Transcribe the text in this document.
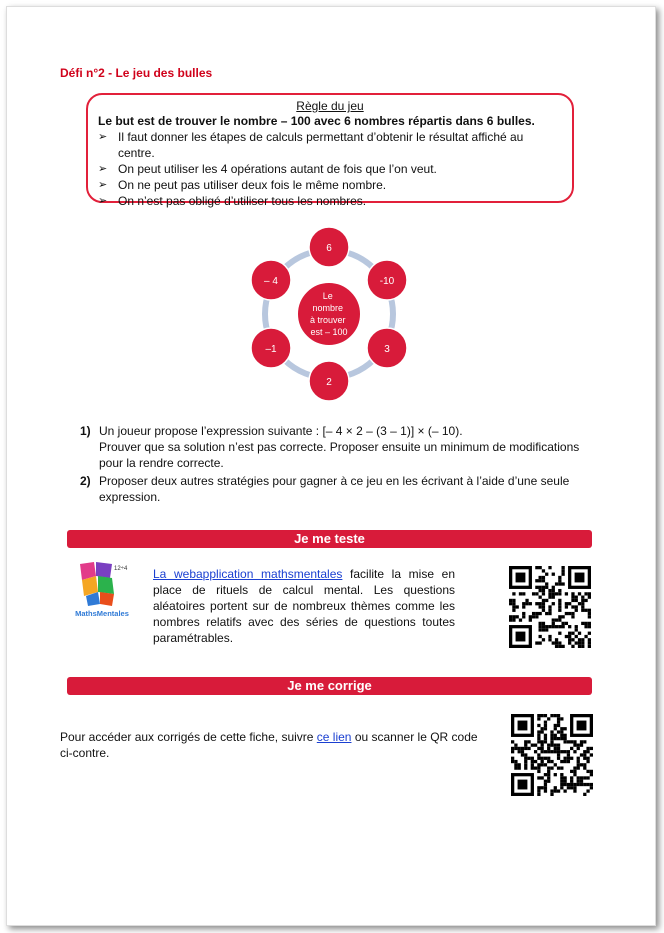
Défi n°2 - Le jeu des bulles
Règle du jeu
Le but est de trouver le nombre – 100 avec 6 nombres répartis dans 6 bulles.
➢ Il faut donner les étapes de calculs permettant d’obtenir le résultat affiché au centre.
➢ On peut utiliser les 4 opérations autant de fois que l’on veut.
➢ On ne peut pas utiliser deux fois le même nombre.
➢ On n’est pas obligé d’utiliser tous les nombres.
Le nombre à trouver est – 100
6
-10
3
2
–1
– 4
1) Un joueur propose l’expression suivante : [– 4 × 2 – (3 – 1)] × (– 10).
Prouver que sa solution n’est pas correcte. Proposer ensuite un minimum de modifications
pour la rendre correcte.
2) Proposer deux autres stratégies pour gagner à ce jeu en les écrivant à l’aide d’une seule
expression.
Je me teste
12÷4
MathsMentales
La webapplication mathsmentales facilite la mise en place de rituels de calcul mental. Les questions aléatoires portent sur de nombreux thèmes comme les nombres relatifs avec des séries de questions toutes paramétrables.
Je me corrige
Pour accéder aux corrigés de cette fiche, suivre ce lien ou scanner le QR code ci-contre.
